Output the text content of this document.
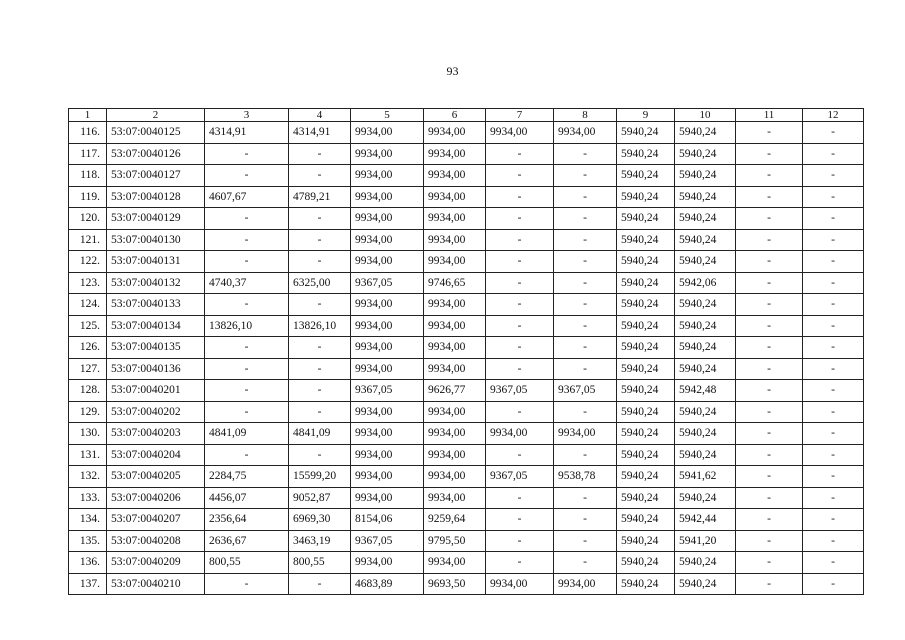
93
1	2	3	4	5	6	7	8	9	10	11	12
116.	53:07:0040125	4314,91	4314,91	9934,00	9934,00	9934,00	9934,00	5940,24	5940,24	-	-
117.	53:07:0040126	-	-	9934,00	9934,00	-	-	5940,24	5940,24	-	-
118.	53:07:0040127	-	-	9934,00	9934,00	-	-	5940,24	5940,24	-	-
119.	53:07:0040128	4607,67	4789,21	9934,00	9934,00	-	-	5940,24	5940,24	-	-
120.	53:07:0040129	-	-	9934,00	9934,00	-	-	5940,24	5940,24	-	-
121.	53:07:0040130	-	-	9934,00	9934,00	-	-	5940,24	5940,24	-	-
122.	53:07:0040131	-	-	9934,00	9934,00	-	-	5940,24	5940,24	-	-
123.	53:07:0040132	4740,37	6325,00	9367,05	9746,65	-	-	5940,24	5942,06	-	-
124.	53:07:0040133	-	-	9934,00	9934,00	-	-	5940,24	5940,24	-	-
125.	53:07:0040134	13826,10	13826,10	9934,00	9934,00	-	-	5940,24	5940,24	-	-
126.	53:07:0040135	-	-	9934,00	9934,00	-	-	5940,24	5940,24	-	-
127.	53:07:0040136	-	-	9934,00	9934,00	-	-	5940,24	5940,24	-	-
128.	53:07:0040201	-	-	9367,05	9626,77	9367,05	9367,05	5940,24	5942,48	-	-
129.	53:07:0040202	-	-	9934,00	9934,00	-	-	5940,24	5940,24	-	-
130.	53:07:0040203	4841,09	4841,09	9934,00	9934,00	9934,00	9934,00	5940,24	5940,24	-	-
131.	53:07:0040204	-	-	9934,00	9934,00	-	-	5940,24	5940,24	-	-
132.	53:07:0040205	2284,75	15599,20	9934,00	9934,00	9367,05	9538,78	5940,24	5941,62	-	-
133.	53:07:0040206	4456,07	9052,87	9934,00	9934,00	-	-	5940,24	5940,24	-	-
134.	53:07:0040207	2356,64	6969,30	8154,06	9259,64	-	-	5940,24	5942,44	-	-
135.	53:07:0040208	2636,67	3463,19	9367,05	9795,50	-	-	5940,24	5941,20	-	-
136.	53:07:0040209	800,55	800,55	9934,00	9934,00	-	-	5940,24	5940,24	-	-
137.	53:07:0040210	-	-	4683,89	9693,50	9934,00	9934,00	5940,24	5940,24	-	-
